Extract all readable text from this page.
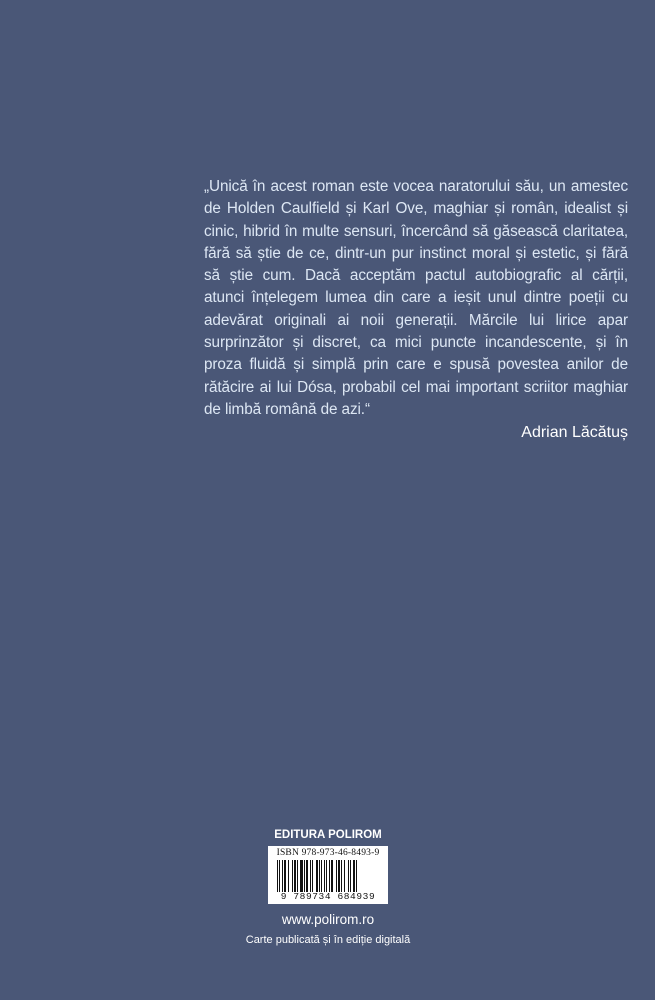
„Unică în acest roman este vocea naratorului său, un amestec de Holden Caulfield și Karl Ove, maghiar și român, idealist și cinic, hibrid în multe sensuri, încercând să găsească claritatea, fără să știe de ce, dintr-un pur instinct moral și estetic, și fără să știe cum. Dacă acceptăm pactul autobiografic al cărții, atunci înțelegem lumea din care a ieșit unul dintre poeții cu adevărat originali ai noii generații. Mărcile lui lirice apar surprinzător și discret, ca mici puncte incandescente, și în proza fluidă și simplă prin care e spusă povestea anilor de rătăcire ai lui Dósa, probabil cel mai important scriitor maghiar de limbă română de azi.“
Adrian Lăcătuș
EDITURA POLIROM
ISBN 978-973-46-8493-9
9 789734 684939
www.polirom.ro
Carte publicată și în ediție digitală
